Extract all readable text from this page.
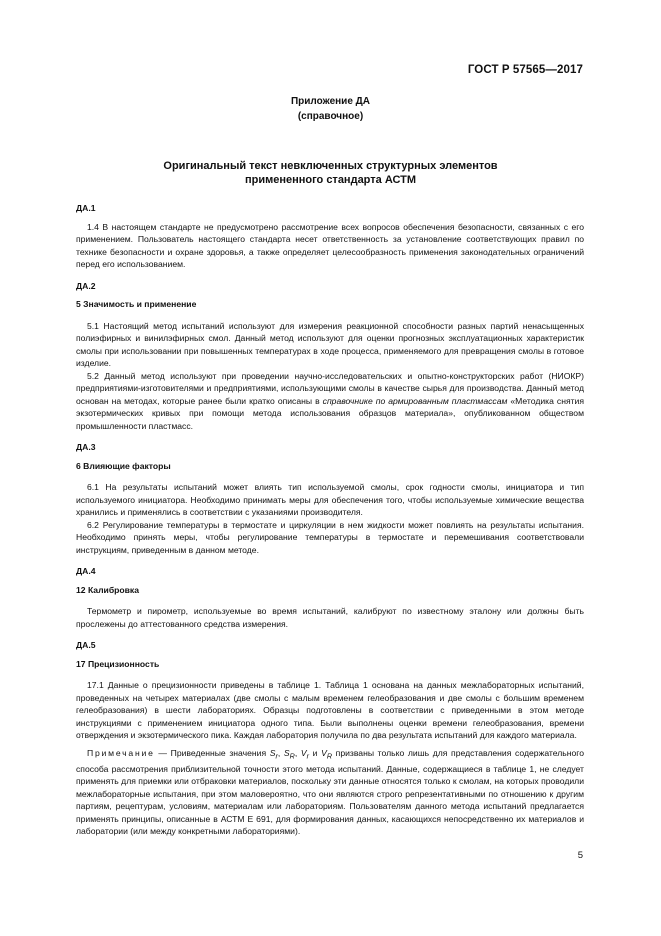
ГОСТ Р 57565—2017
Приложение ДА
(справочное)
Оригинальный текст невключенных структурных элементов
примененного стандарта АСТМ
ДА.1

1.4 В настоящем стандарте не предусмотрено рассмотрение всех вопросов обеспечения безопасности, связанных с его применением. Пользователь настоящего стандарта несет ответственность за установление соответствующих правил по технике безопасности и охране здоровья, а также определяет целесообразность применения законодательных ограничений перед его использованием.

ДА.2
5 Значимость и применение

5.1 Настоящий метод испытаний используют для измерения реакционной способности разных партий ненасыщенных полиэфирных и винилэфирных смол. Данный метод используют для оценки прогнозных эксплуатационных характеристик смолы при использовании при повышенных температурах в ходе процесса, применяемого для превращения смолы в готовое изделие.

5.2 Данный метод используют при проведении научно-исследовательских и опытно-конструкторских работ (НИОКР) предприятиями-изготовителями и предприятиями, использующими смолы в качестве сырья для производства. Данный метод основан на методах, которые ранее были кратко описаны в справочнике по армированным пластмассам «Методика снятия экзотермических кривых при помощи метода использования образцов материала», опубликованном обществом промышленности пластмасс.

ДА.3
6 Влияющие факторы

6.1 На результаты испытаний может влиять тип используемой смолы, срок годности смолы, инициатора и тип используемого инициатора. Необходимо принимать меры для обеспечения того, чтобы используемые химические вещества хранились и применялись в соответствии с указаниями производителя.

6.2 Регулирование температуры в термостате и циркуляции в нем жидкости может повлиять на результаты испытания. Необходимо принять меры, чтобы регулирование температуры в термостате и перемешивания соответствовали инструкциям, приведенным в данном методе.

ДА.4
12 Калибровка

Термометр и пирометр, используемые во время испытаний, калибруют по известному эталону или должны быть прослежены до аттестованного средства измерения.

ДА.5
17 Прецизионность

17.1 Данные о прецизионности приведены в таблице 1. Таблица 1 основана на данных межлабораторных испытаний, проведенных на четырех материалах (две смолы с малым временем гелеобразования и две смолы с большим временем гелеобразования) в шести лабораториях. Образцы подготовлены в соответствии с приведенными в этом методе инструкциями с применением инициатора одного типа. Были выполнены оценки времени гелеобразования, времени отверждения и экзотермического пика. Каждая лаборатория получила по два результата испытаний для каждого материала.

Примечание — Приведенные значения $S_r$, $S_R$, $V_r$ и $V_R$ призваны только лишь для представления содержательного способа рассмотрения приблизительной точности этого метода испытаний. Данные, содержащиеся в таблице 1, не следует применять для приемки или отбраковки материалов, поскольку эти данные относятся только к смолам, на которых проводили межлабораторные испытания, при этом маловероятно, что они являются строго репрезентативными по отношению к другим партиям, рецептурам, условиям, материалам или лабораториям. Пользователям данного метода испытаний предлагается применять принципы, описанные в АСТМ Е 691, для формирования данных, касающихся непосредственно их материалов и лаборатории (или между конкретными лабораториями).

5
